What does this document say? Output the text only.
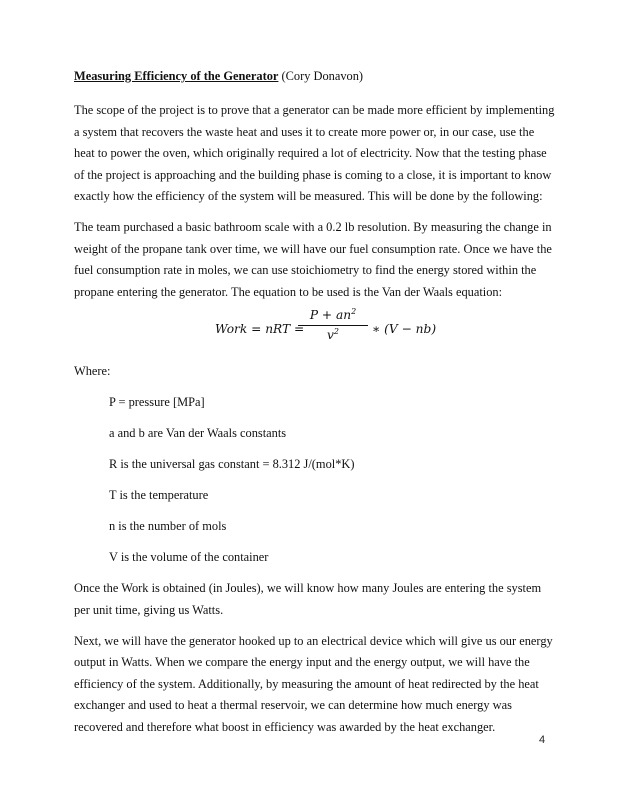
Measuring Efficiency of the Generator (Cory Donavon)

The scope of the project is to prove that a generator can be made more efficient by implementing
a system that recovers the waste heat and uses it to create more power or, in our case, use the
heat to power the oven, which originally required a lot of electricity. Now that the testing phase
of the project is approaching and the building phase is coming to a close, it is important to know
exactly how the efficiency of the system will be measured. This will be done by the following:

The team purchased a basic bathroom scale with a 0.2 lb resolution. By measuring the change in
weight of the propane tank over time, we will have our fuel consumption rate. Once we have the
fuel consumption rate in moles, we can use stoichiometry to find the energy stored within the
propane entering the generator. The equation to be used is the Van der Waals equation:

Work = nRT =
$P + an^2$
$v^2$	∗ (V − nb)
Where:
P = pressure [MPa]
a and b are Van der Waals constants
R is the universal gas constant = 8.312 J/(mol*K)
T is the temperature
n is the number of mols
V is the volume of the container

Once the Work is obtained (in Joules), we will know how many Joules are entering the system
per unit time, giving us Watts.

Next, we will have the generator hooked up to an electrical device which will give us our energy
output in Watts. When we compare the energy input and the energy output, we will have the
efficiency of the system. Additionally, by measuring the amount of heat redirected by the heat
exchanger and used to heat a thermal reservoir, we can determine how much energy was
recovered and therefore what boost in efficiency was awarded by the heat exchanger.

4
